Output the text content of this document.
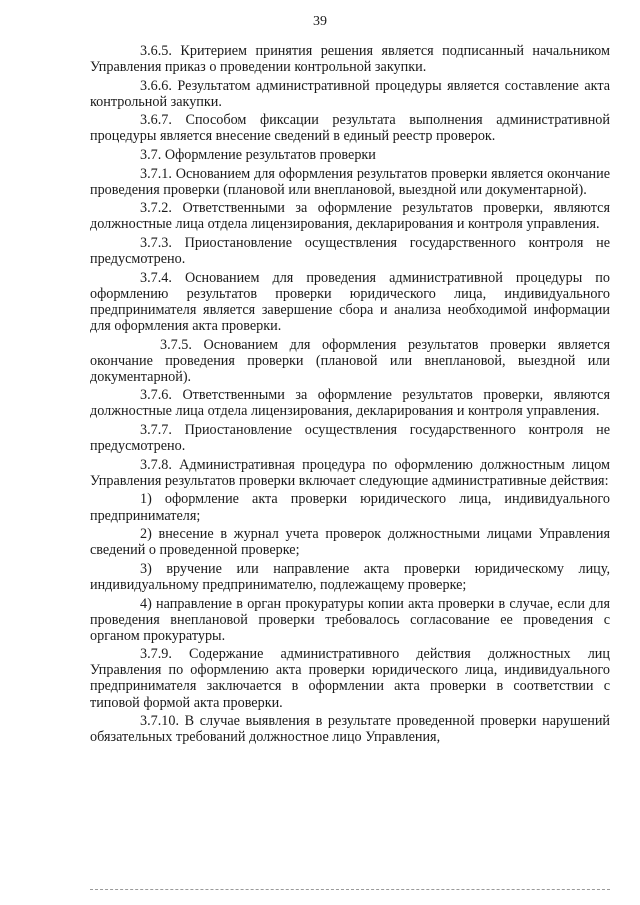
39

3.6.5. Критерием принятия решения является подписанный начальником Управления приказ о проведении контрольной закупки.

3.6.6. Результатом административной процедуры является составление акта контрольной закупки.

3.6.7. Способом фиксации результата выполнения административной процедуры является внесение сведений в единый реестр проверок.

3.7. Оформление результатов проверки

3.7.1. Основанием для оформления результатов проверки является окончание проведения проверки (плановой или внеплановой, выездной или документарной).

3.7.2. Ответственными за оформление результатов проверки, являются должностные лица отдела лицензирования, декларирования и контроля управления.

3.7.3. Приостановление осуществления государственного контроля не предусмотрено.

3.7.4. Основанием для проведения административной процедуры по оформлению результатов проверки юридического лица, индивидуального предпринимателя является завершение сбора и анализа необходимой информации для оформления акта проверки.

3.7.5. Основанием для оформления результатов проверки является окончание проведения проверки (плановой или внеплановой, выездной или документарной).

3.7.6. Ответственными за оформление результатов проверки, являются должностные лица отдела лицензирования, декларирования и контроля управления.

3.7.7. Приостановление осуществления государственного контроля не предусмотрено.

3.7.8. Административная процедура по оформлению должностным лицом Управления результатов проверки включает следующие административные действия:

1) оформление акта проверки юридического лица, индивидуального предпринимателя;

2) внесение в журнал учета проверок должностными лицами Управления сведений о проведенной проверке;

3) вручение или направление акта проверки юридическому лицу, индивидуальному предпринимателю, подлежащему проверке;

4) направление в орган прокуратуры копии акта проверки в случае, если для проведения внеплановой проверки требовалось согласование ее проведения с органом прокуратуры.

3.7.9. Содержание административного действия должностных лиц Управления по оформлению акта проверки юридического лица, индивидуального предпринимателя заключается в оформлении акта проверки в соответствии с типовой формой акта проверки.

3.7.10. В случае выявления в результате проведенной проверки нарушений обязательных требований должностное лицо Управления,
